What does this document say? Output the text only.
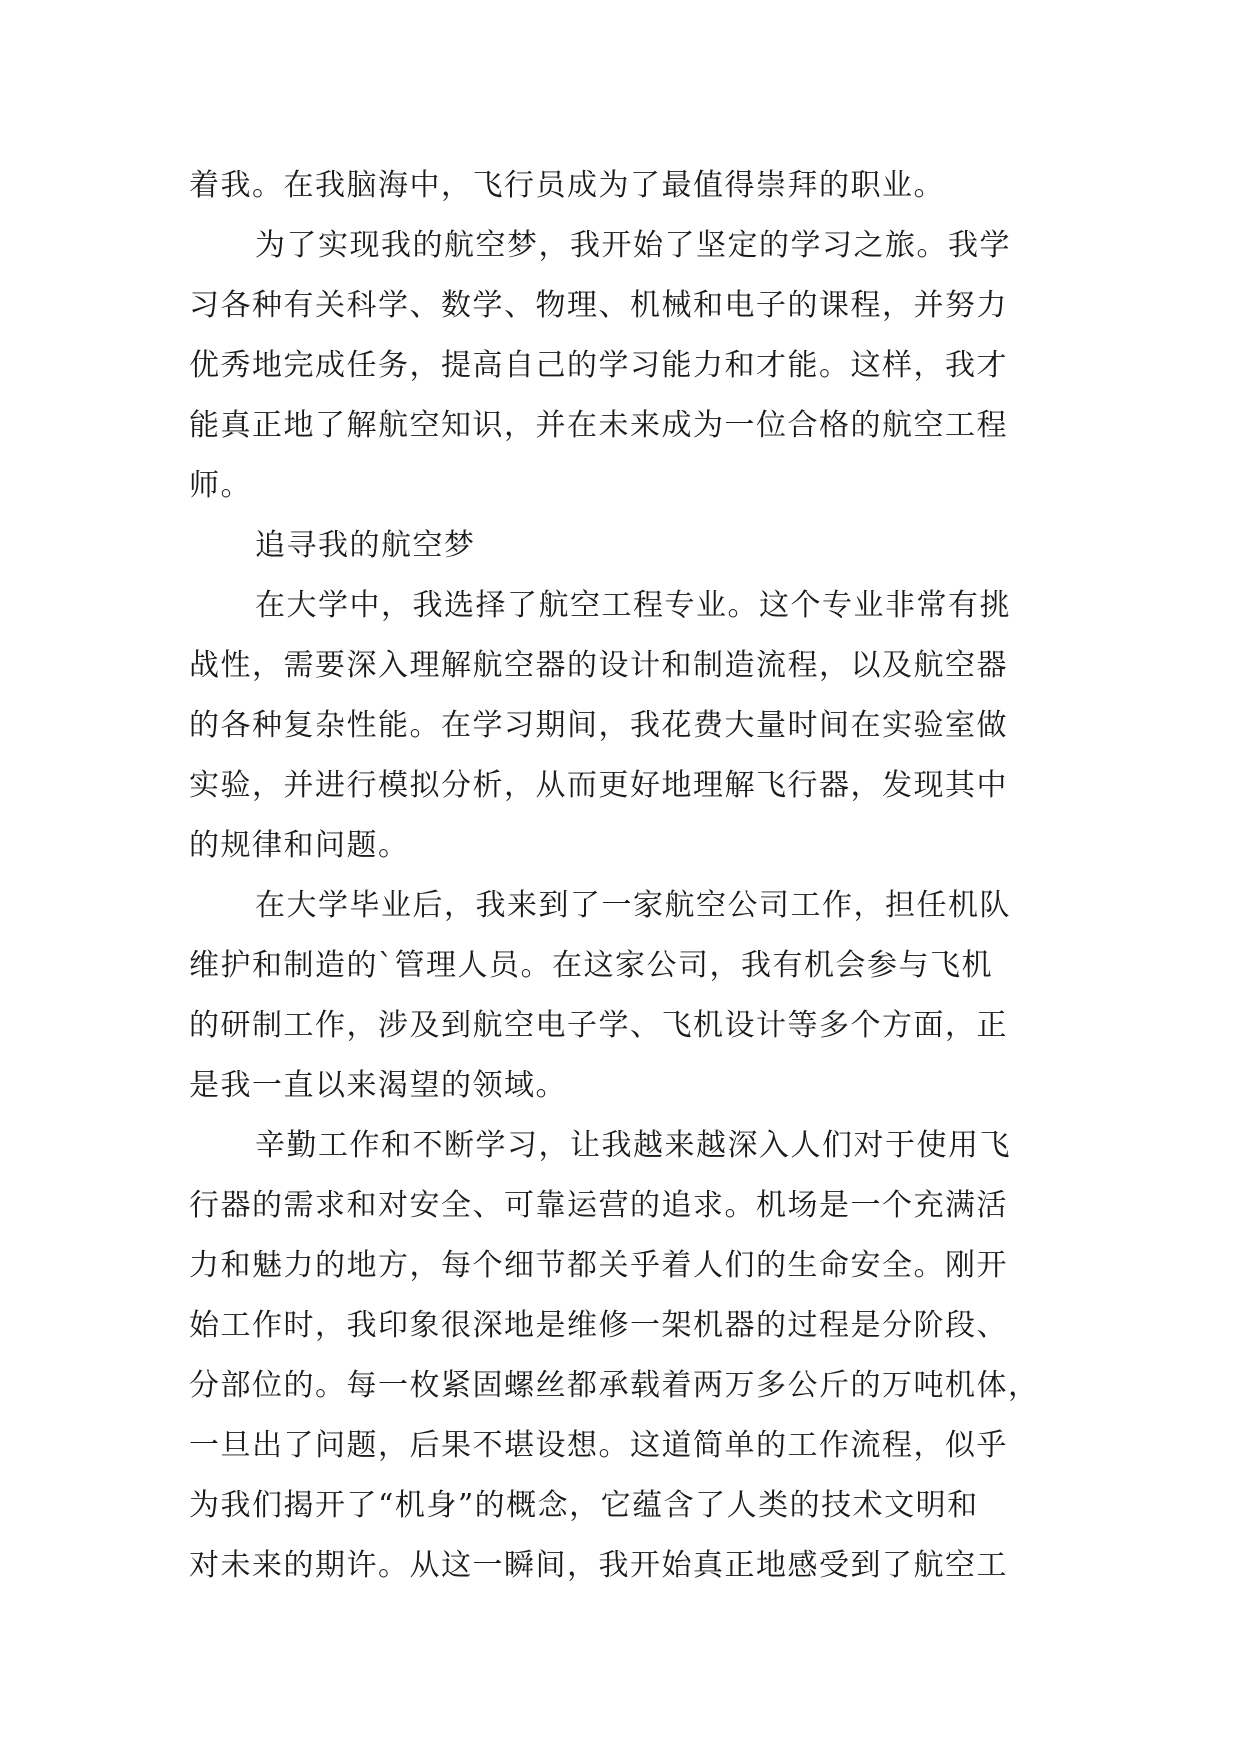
着我。在我脑海中，飞行员成为了最值得崇拜的职业。
为了实现我的航空梦，我开始了坚定的学习之旅。我学
习各种有关科学、数学、物理、机械和电子的课程，并努力
优秀地完成任务，提高自己的学习能力和才能。这样，我才
能真正地了解航空知识，并在未来成为一位合格的航空工程
师。
追寻我的航空梦
在大学中，我选择了航空工程专业。这个专业非常有挑
战性，需要深入理解航空器的设计和制造流程，以及航空器
的各种复杂性能。在学习期间，我花费大量时间在实验室做
实验，并进行模拟分析，从而更好地理解飞行器，发现其中
的规律和问题。
在大学毕业后，我来到了一家航空公司工作，担任机队
维护和制造的`管理人员。在这家公司，我有机会参与飞机
的研制工作，涉及到航空电子学、飞机设计等多个方面，正
是我一直以来渴望的领域。
辛勤工作和不断学习，让我越来越深入人们对于使用飞
行器的需求和对安全、可靠运营的追求。机场是一个充满活
力和魅力的地方，每个细节都关乎着人们的生命安全。刚开
始工作时，我印象很深地是维修一架机器的过程是分阶段、
分部位的。每一枚紧固螺丝都承载着两万多公斤的万吨机体，
一旦出了问题，后果不堪设想。这道简单的工作流程，似乎
为我们揭开了“机身”的概念，它蕴含了人类的技术文明和
对未来的期许。从这一瞬间，我开始真正地感受到了航空工
